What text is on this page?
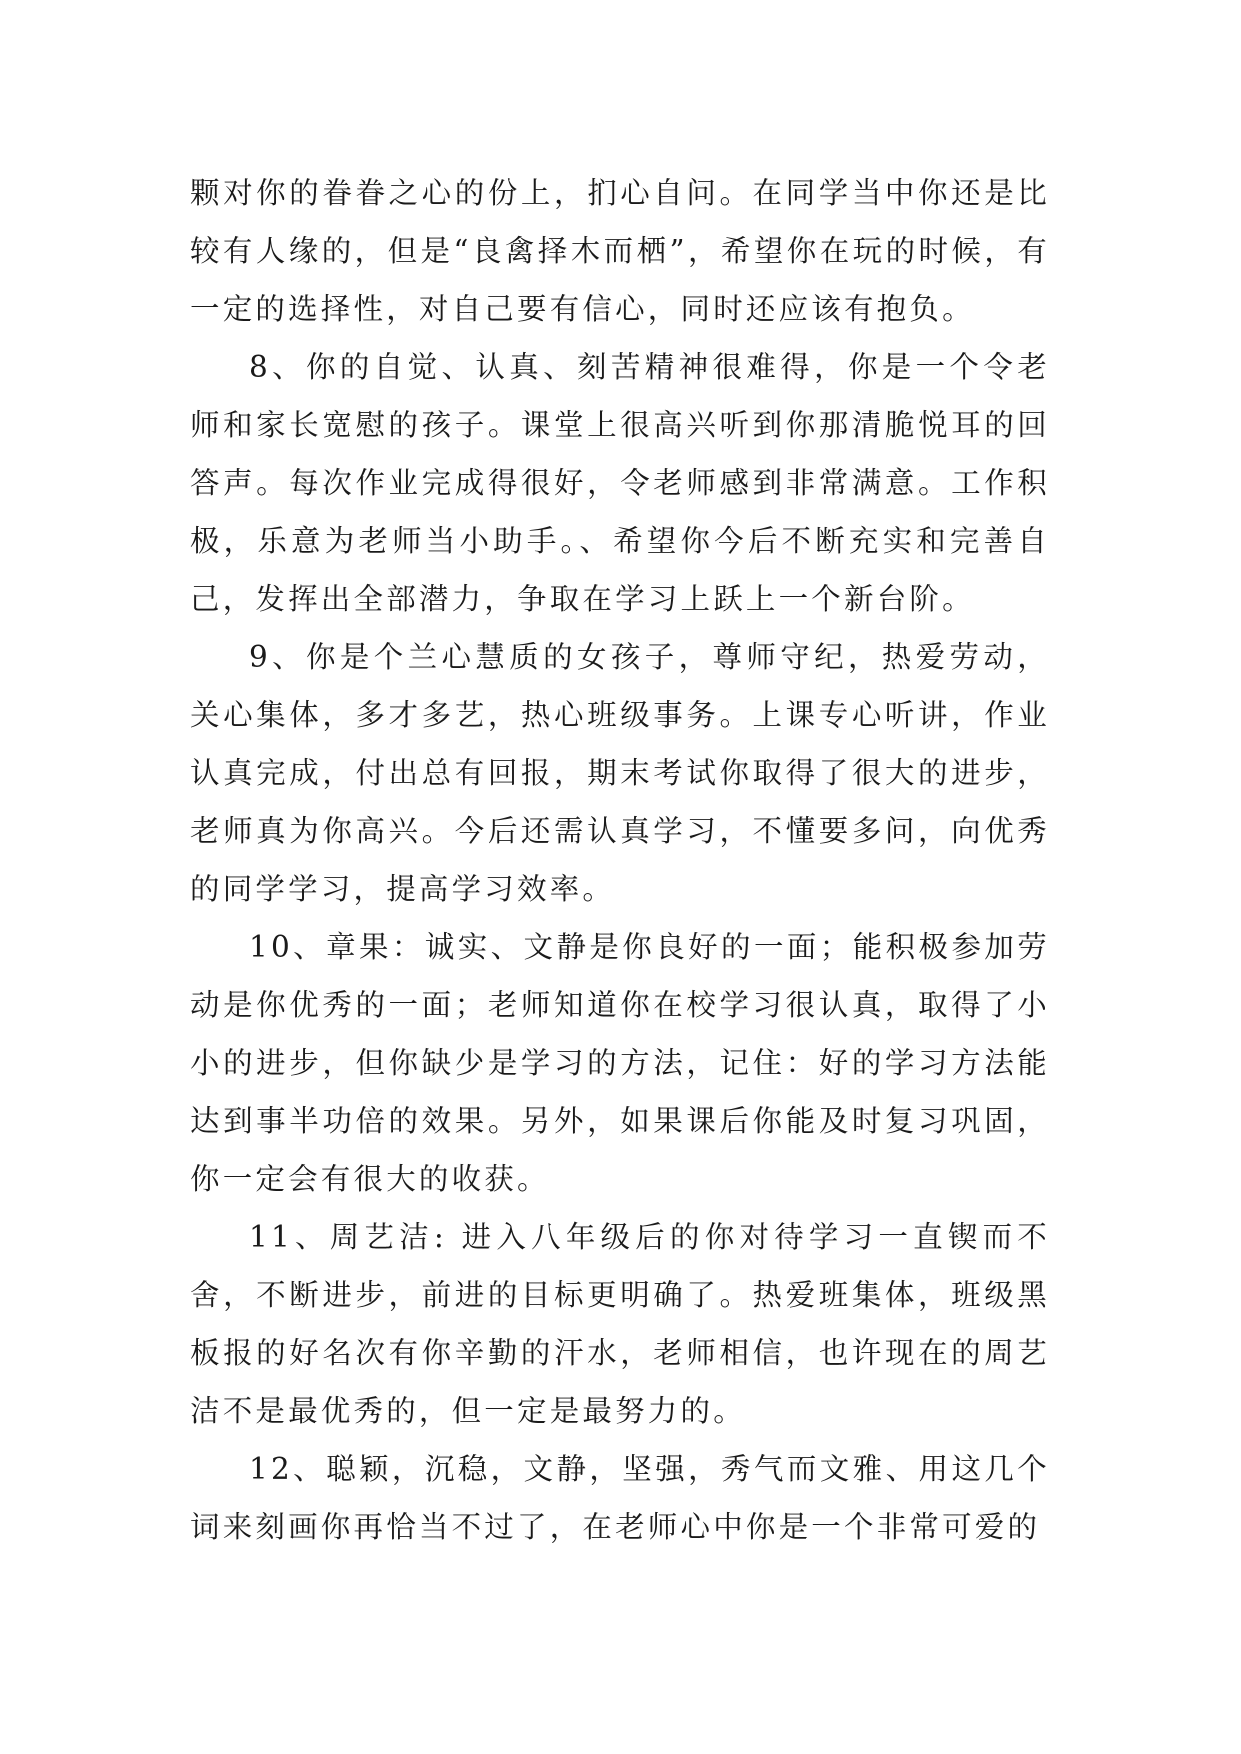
颗对你的眷眷之心的份上，扪心自问。在同学当中你还是比较有人缘的，但是“良禽择木而栖”，希望你在玩的时候，有一定的选择性，对自己要有信心，同时还应该有抱负。

8、你的自觉、认真、刻苦精神很难得，你是一个令老师和家长宽慰的孩子。课堂上很高兴听到你那清脆悦耳的回答声。每次作业完成得很好，令老师感到非常满意。工作积极，乐意为老师当小助手。、希望你今后不断充实和完善自己，发挥出全部潜力，争取在学习上跃上一个新台阶。

9、你是个兰心慧质的女孩子，尊师守纪，热爱劳动，关心集体，多才多艺，热心班级事务。上课专心听讲，作业认真完成，付出总有回报，期末考试你取得了很大的进步，老师真为你高兴。今后还需认真学习，不懂要多问，向优秀的同学学习，提高学习效率。

10、章果：诚实、文静是你良好的一面；能积极参加劳动是你优秀的一面；老师知道你在校学习很认真，取得了小小的进步，但你缺少是学习的方法，记住：好的学习方法能达到事半功倍的效果。另外，如果课后你能及时复习巩固，你一定会有很大的收获。

11、周艺洁: 进入八年级后的你对待学习一直锲而不舍，不断进步，前进的目标更明确了。热爱班集体，班级黑板报的好名次有你辛勤的汗水，老师相信，也许现在的周艺洁不是最优秀的，但一定是最努力的。

12、聪颖，沉稳，文静，坚强，秀气而文雅、用这几个词来刻画你再恰当不过了，在老师心中你是一个非常可爱的
